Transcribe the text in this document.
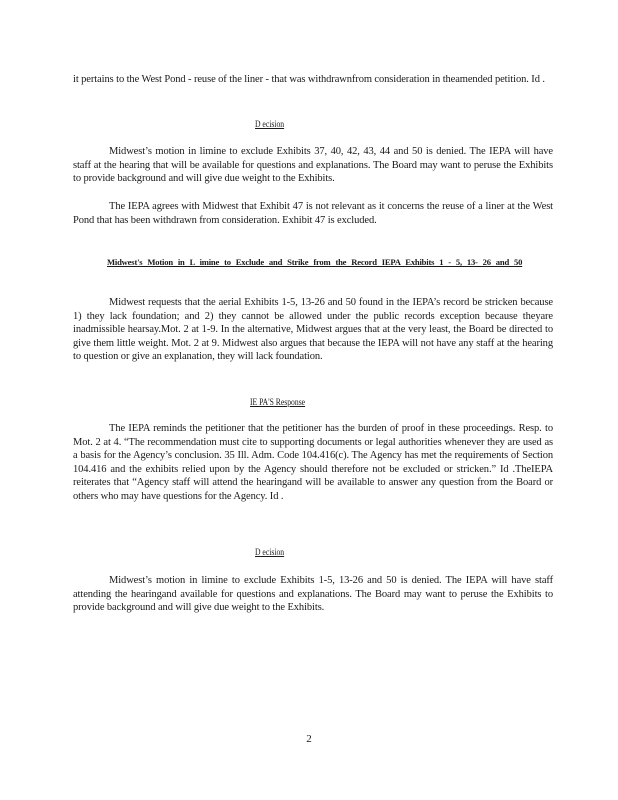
it pertains to the West Pond - reuse of the liner - that was withdrawnfrom consideration in theamended petition. Id .

D ecision

Midwest’s motion in limine to exclude Exhibits 37, 40, 42, 43, 44 and 50 is denied. The IEPA will have staff at the hearing that will be available for questions and explanations. The Board may want to peruse the Exhibits to provide background and will give due weight to the Exhibits.

The IEPA agrees with Midwest that Exhibit 47 is not relevant as it concerns the reuse of a liner at the West Pond that has been withdrawn from consideration. Exhibit 47 is excluded.

Midwest's Motion in L imine to Exclude and Strike from the Record IEPA Exhibits 1 - 5, 13- 26 and 50

Midwest requests that the aerial Exhibits 1-5, 13-26 and 50 found in the IEPA’s record be stricken because 1) they lack foundation; and 2) they cannot be allowed under the public records exception because theyare inadmissible hearsay.Mot. 2 at 1-9. In the alternative, Midwest argues that at the very least, the Board be directed to give them little weight. Mot. 2 at 9. Midwest also argues that because the IEPA will not have any staff at the hearing to question or give an explanation, they will lack foundation.

IE PA'S Response

The IEPA reminds the petitioner that the petitioner has the burden of proof in these proceedings. Resp. to Mot. 2 at 4. “The recommendation must cite to supporting documents or legal authorities whenever they are used as a basis for the Agency’s conclusion. 35 Ill. Adm. Code 104.416(c). The Agency has met the requirements of Section 104.416 and the exhibits relied upon by the Agency should therefore not be excluded or stricken.” Id .TheIEPA reiterates that “Agency staff will attend the hearingand will be available to answer any question from the Board or others who may have questions for the Agency. Id .

D ecision

Midwest’s motion in limine to exclude Exhibits 1-5, 13-26 and 50 is denied. The IEPA will have staff attending the hearingand available for questions and explanations. The Board may want to peruse the Exhibits to provide background and will give due weight to the Exhibits.

2
